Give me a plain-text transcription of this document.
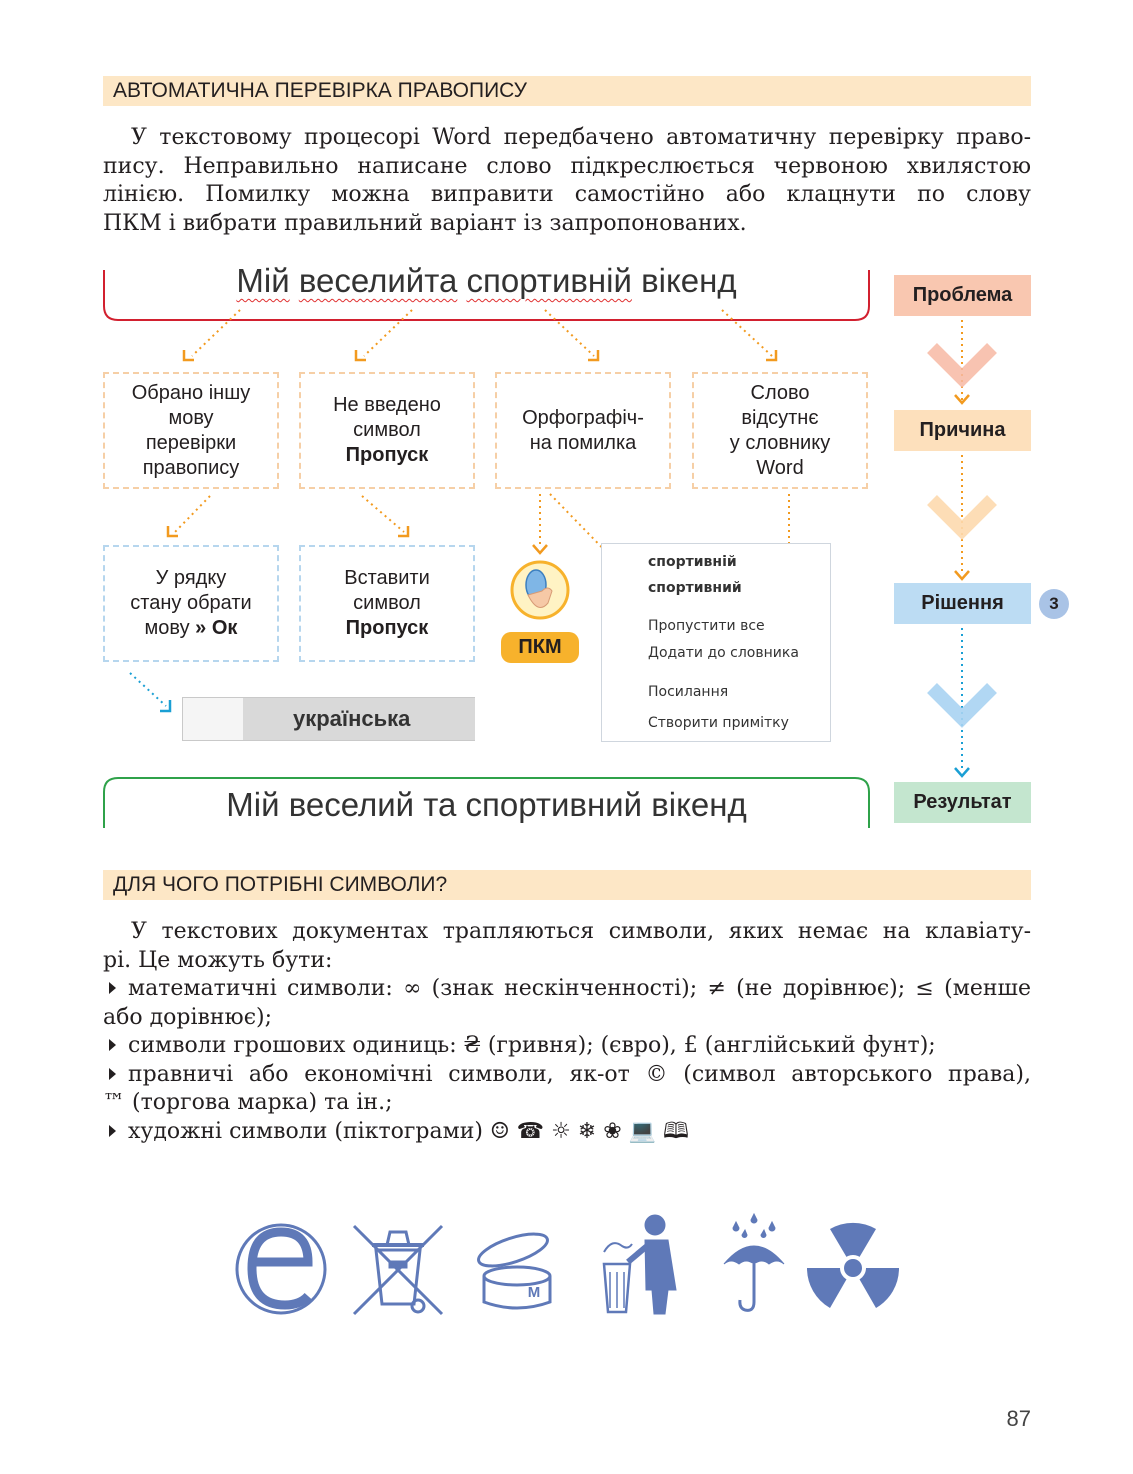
АВТОМАТИЧНА ПЕРЕВІРКА ПРАВОПИСУ
У текстовому процесорі Word передбачено автоматичну перевірку право-
пису. Неправильно написане слово підкреслюється червоною хвилястою
лінією. Помилку можна виправити самостійно або клацнути по слову
ПКМ і вибрати правильний варіант із запропонованих.
M
Мій веселийта спортивній вікенд
Обрано іншу
мову
перевірки
правопису
Не введено
символ
Пропуск
Орфографіч-
на помилка
Слово
відсутнє
у словнику
Word
У рядку
стану обрати
мову » Ок
Вставити
символ
Пропуск
українська
ПКМ
спортивній
спортивний
Пропустити все
Додати до словника
Посилання
Створити примітку
Мій веселий та спортивний вікенд
Проблема
Причина
Рішення	3
Результат
ДЛЯ ЧОГО ПОТРІБНІ СИМВОЛИ?
У текстових документах трапляються символи, яких немає на клавіату-
рі. Це можуть бути:
математичні символи: ∞ (знак нескінченності); ≠ (не дорівнює); ≤ (менше
або дорівнює);
символи грошових одиниць: ₴ (гривня); (євро), £ (англійський фунт);
правничі або економічні символи, як-от © (символ авторського права),
™ (торгова марка) та ін.;
художні символи (піктограми) ☺ ☎ ☼ ❄ ❀ 💻 🕮
87
